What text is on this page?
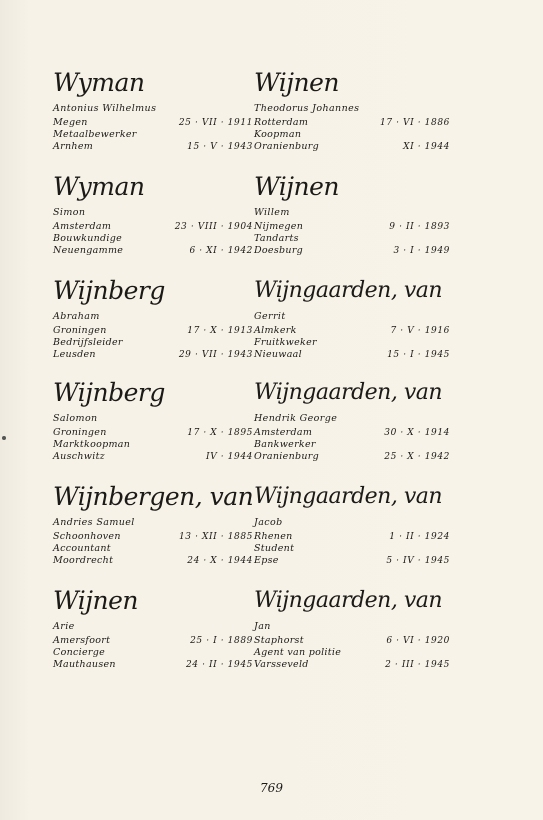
Wyman
Antonius Wilhelmus
Megen	25 · VII · 1911
Metaalbewerker
Arnhem	15 · V · 1943
Wyman
Simon
Amsterdam	23 · VIII · 1904
Bouwkundige
Neuengamme	6 · XI · 1942
Wijnberg
Abraham
Groningen	17 · X · 1913
Bedrijfsleider
Leusden	29 · VII · 1943
Wijnberg
Salomon
Groningen	17 · X · 1895
Marktkoopman
Auschwitz	IV · 1944
Wijnbergen, van
Andries Samuel
Schoonhoven	13 · XII · 1885
Accountant
Moordrecht	24 · X · 1944
Wijnen
Arie
Amersfoort	25 · I · 1889
Concierge
Mauthausen	24 · II · 1945
Wijnen
Theodorus Johannes
Rotterdam	17 · VI · 1886
Koopman
Oranienburg	XI · 1944
Wijnen
Willem
Nijmegen	9 · II · 1893
Tandarts
Doesburg	3 · I · 1949
Wijngaarden, van
Gerrit
Almkerk	7 · V · 1916
Fruitkweker
Nieuwaal	15 · I · 1945
Wijngaarden, van
Hendrik George
Amsterdam	30 · X · 1914
Bankwerker
Oranienburg	25 · X · 1942
Wijngaarden, van
Jacob
Rhenen	1 · II · 1924
Student
Epse	5 · IV · 1945
Wijngaarden, van
Jan
Staphorst	6 · VI · 1920
Agent van politie
Varsseveld	2 · III · 1945
769
